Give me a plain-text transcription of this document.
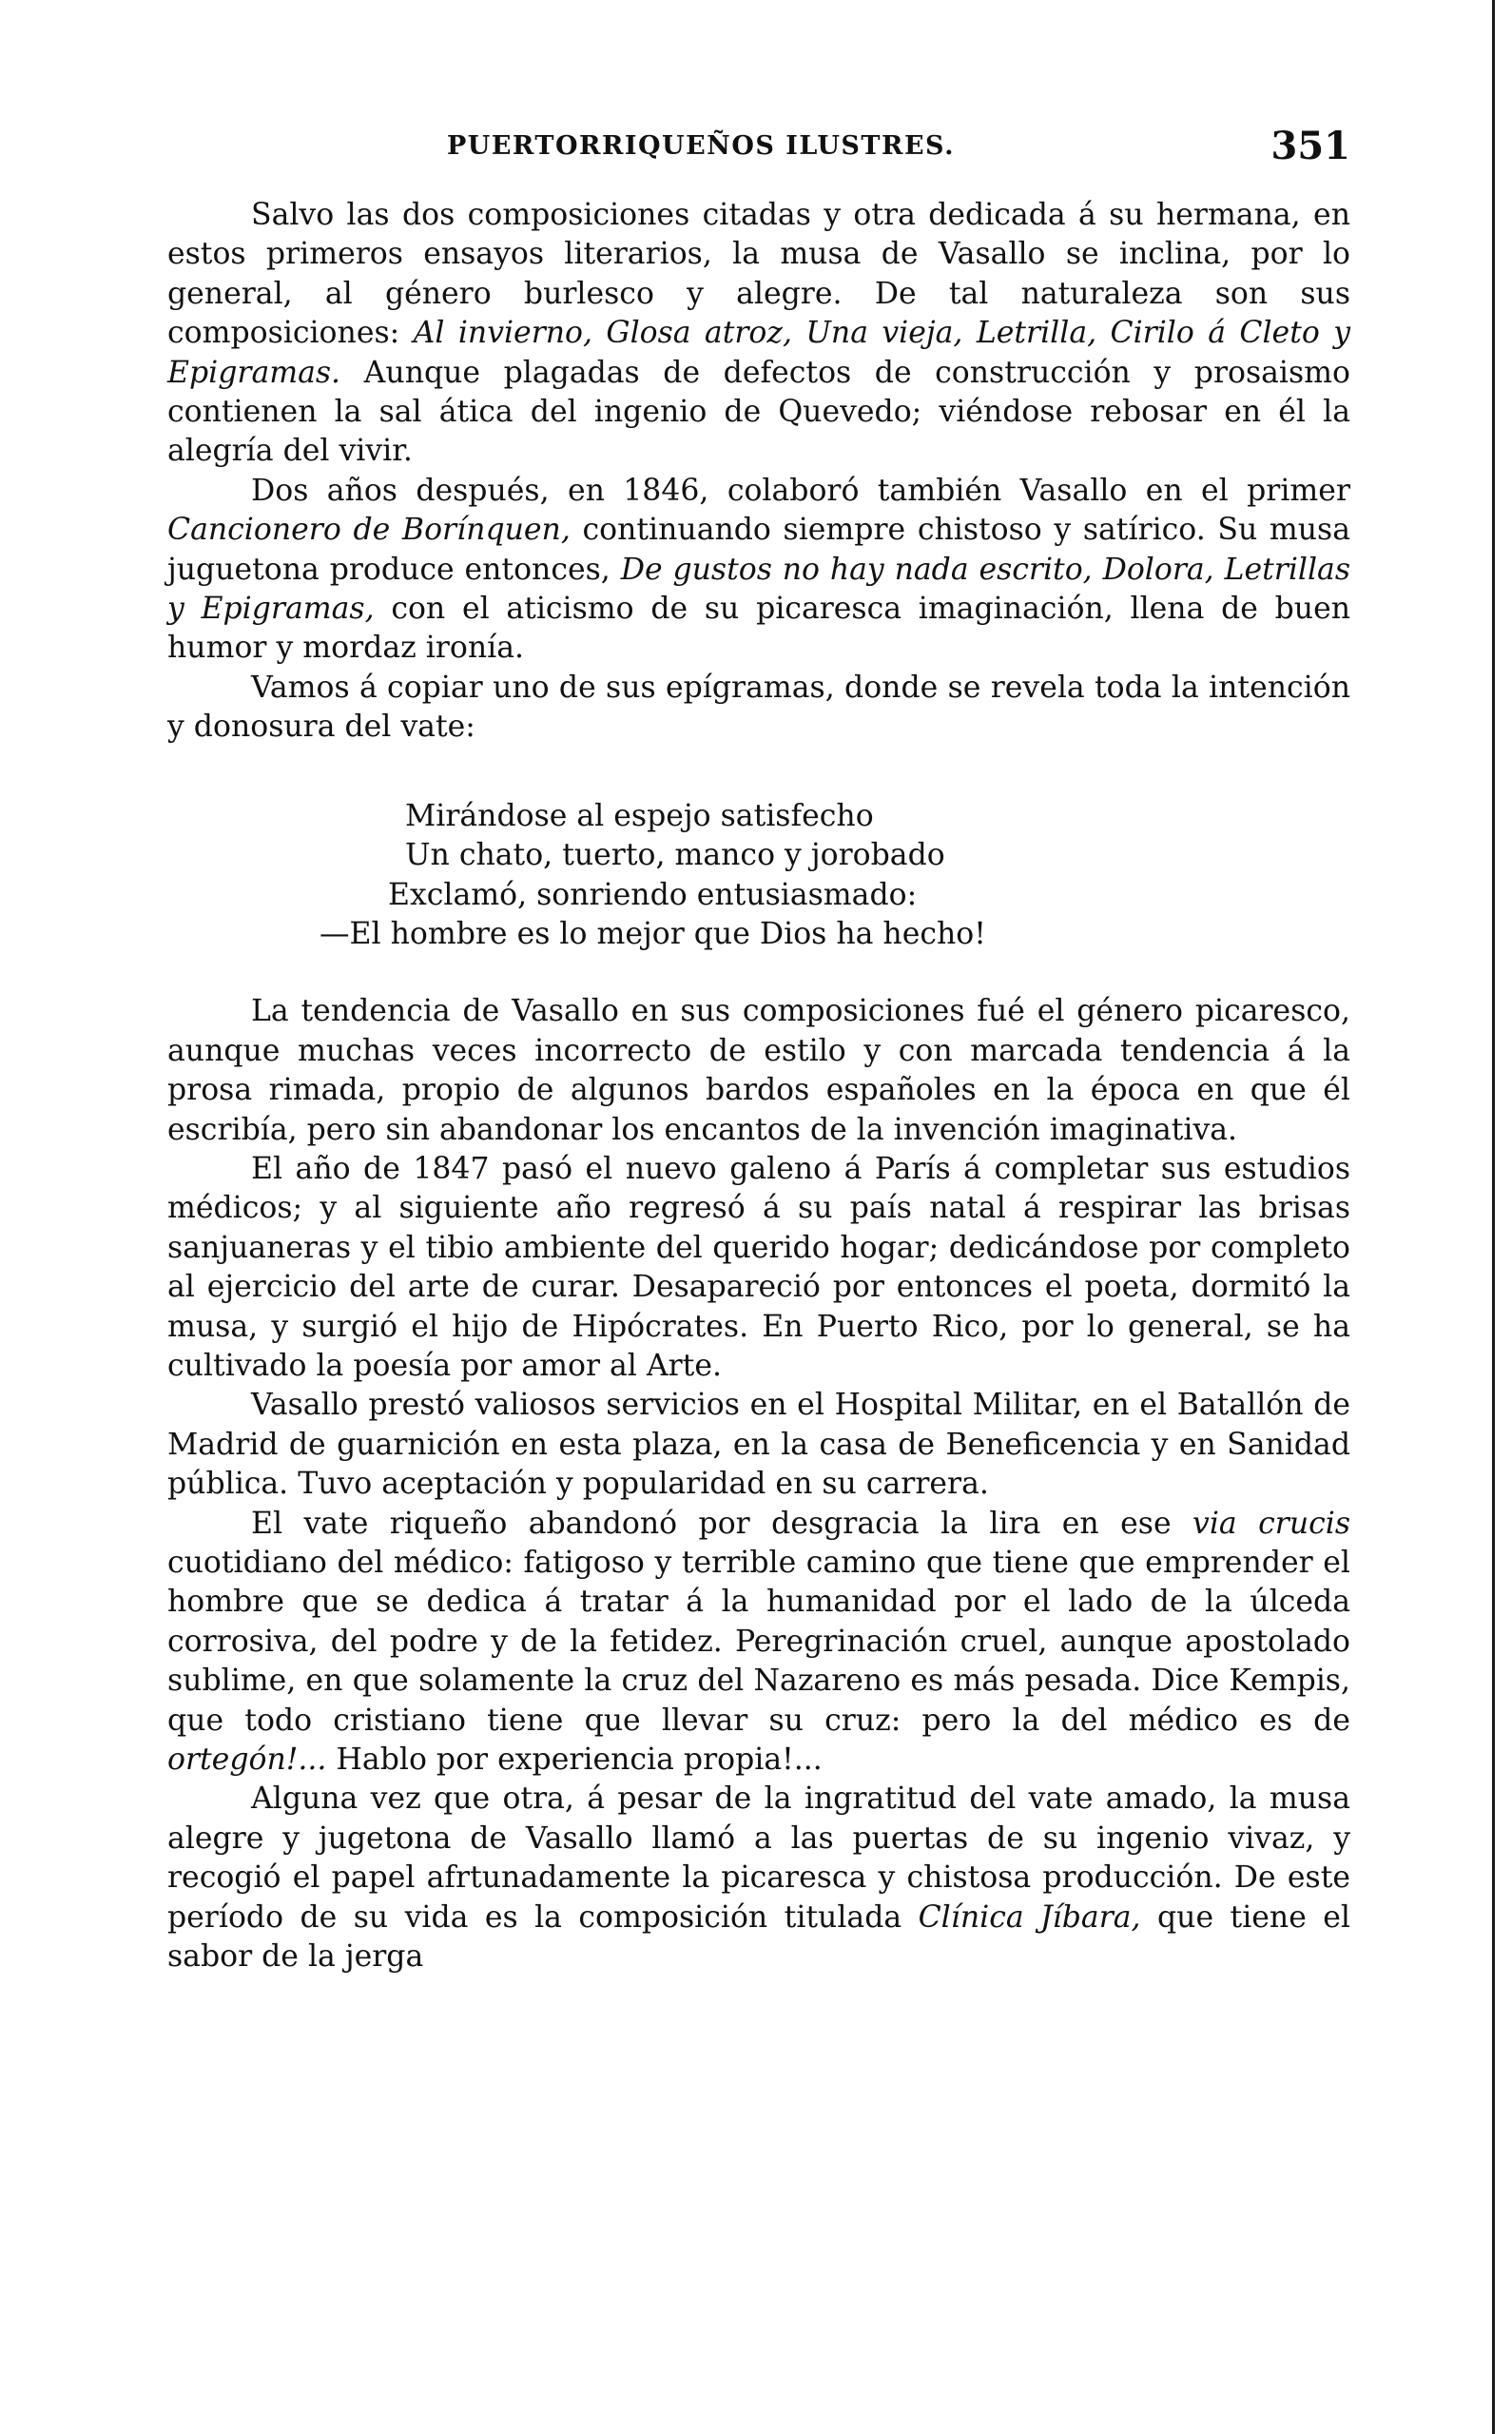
PUERTORRIQUEÑOS ILUSTRES.	351

Salvo las dos composiciones citadas y otra dedicada á su hermana, en estos primeros ensayos literarios, la musa de Vasallo se inclina, por lo general, al género burlesco y alegre. De tal naturaleza son sus composiciones: Al invierno, Glosa atroz, Una vieja, Letrilla, Cirilo á Cleto y Epigramas. Aunque plagadas de defectos de construcción y prosaismo contienen la sal ática del ingenio de Quevedo; viéndose rebosar en él la alegría del vivir.

Dos años después, en 1846, colaboró también Vasallo en el primer Cancionero de Borínquen, continuando siempre chistoso y satírico. Su musa juguetona produce entonces, De gustos no hay nada escrito, Dolora, Letrillas y Epigramas, con el aticismo de su picaresca imaginación, llena de buen humor y mordaz ironía.

Vamos á copiar uno de sus epígramas, donde se revela toda la intención y donosura del vate:

Mirándose al espejo satisfecho
Un chato, tuerto, manco y jorobado
Exclamó, sonriendo entusiasmado:
—El hombre es lo mejor que Dios ha hecho!

La tendencia de Vasallo en sus composiciones fué el género picaresco, aunque muchas veces incorrecto de estilo y con marcada tendencia á la prosa rimada, propio de algunos bardos españoles en la época en que él escribía, pero sin abandonar los encantos de la invención imaginativa.

El año de 1847 pasó el nuevo galeno á París á completar sus estudios médicos; y al siguiente año regresó á su país natal á respirar las brisas sanjuaneras y el tibio ambiente del querido hogar; dedicándose por completo al ejercicio del arte de curar. Desapareció por entonces el poeta, dormitó la musa, y surgió el hijo de Hipócrates. En Puerto Rico, por lo general, se ha cultivado la poesía por amor al Arte.

Vasallo prestó valiosos servicios en el Hospital Militar, en el Batallón de Madrid de guarnición en esta plaza, en la casa de Beneficencia y en Sanidad pública. Tuvo aceptación y popularidad en su carrera.

El vate riqueño abandonó por desgracia la lira en ese via crucis cuotidiano del médico: fatigoso y terrible camino que tiene que emprender el hombre que se dedica á tratar á la humanidad por el lado de la úlceda corrosiva, del podre y de la fetidez. Peregrinación cruel, aunque apostolado sublime, en que solamente la cruz del Nazareno es más pesada. Dice Kempis, que todo cristiano tiene que llevar su cruz: pero la del médico es de ortegón!... Hablo por experiencia propia!...

Alguna vez que otra, á pesar de la ingratitud del vate amado, la musa alegre y jugetona de Vasallo llamó a las puertas de su ingenio vivaz, y recogió el papel afrtunadamente la picaresca y chistosa producción. De este período de su vida es la composición titulada Clínica Jíbara, que tiene el sabor de la jerga
